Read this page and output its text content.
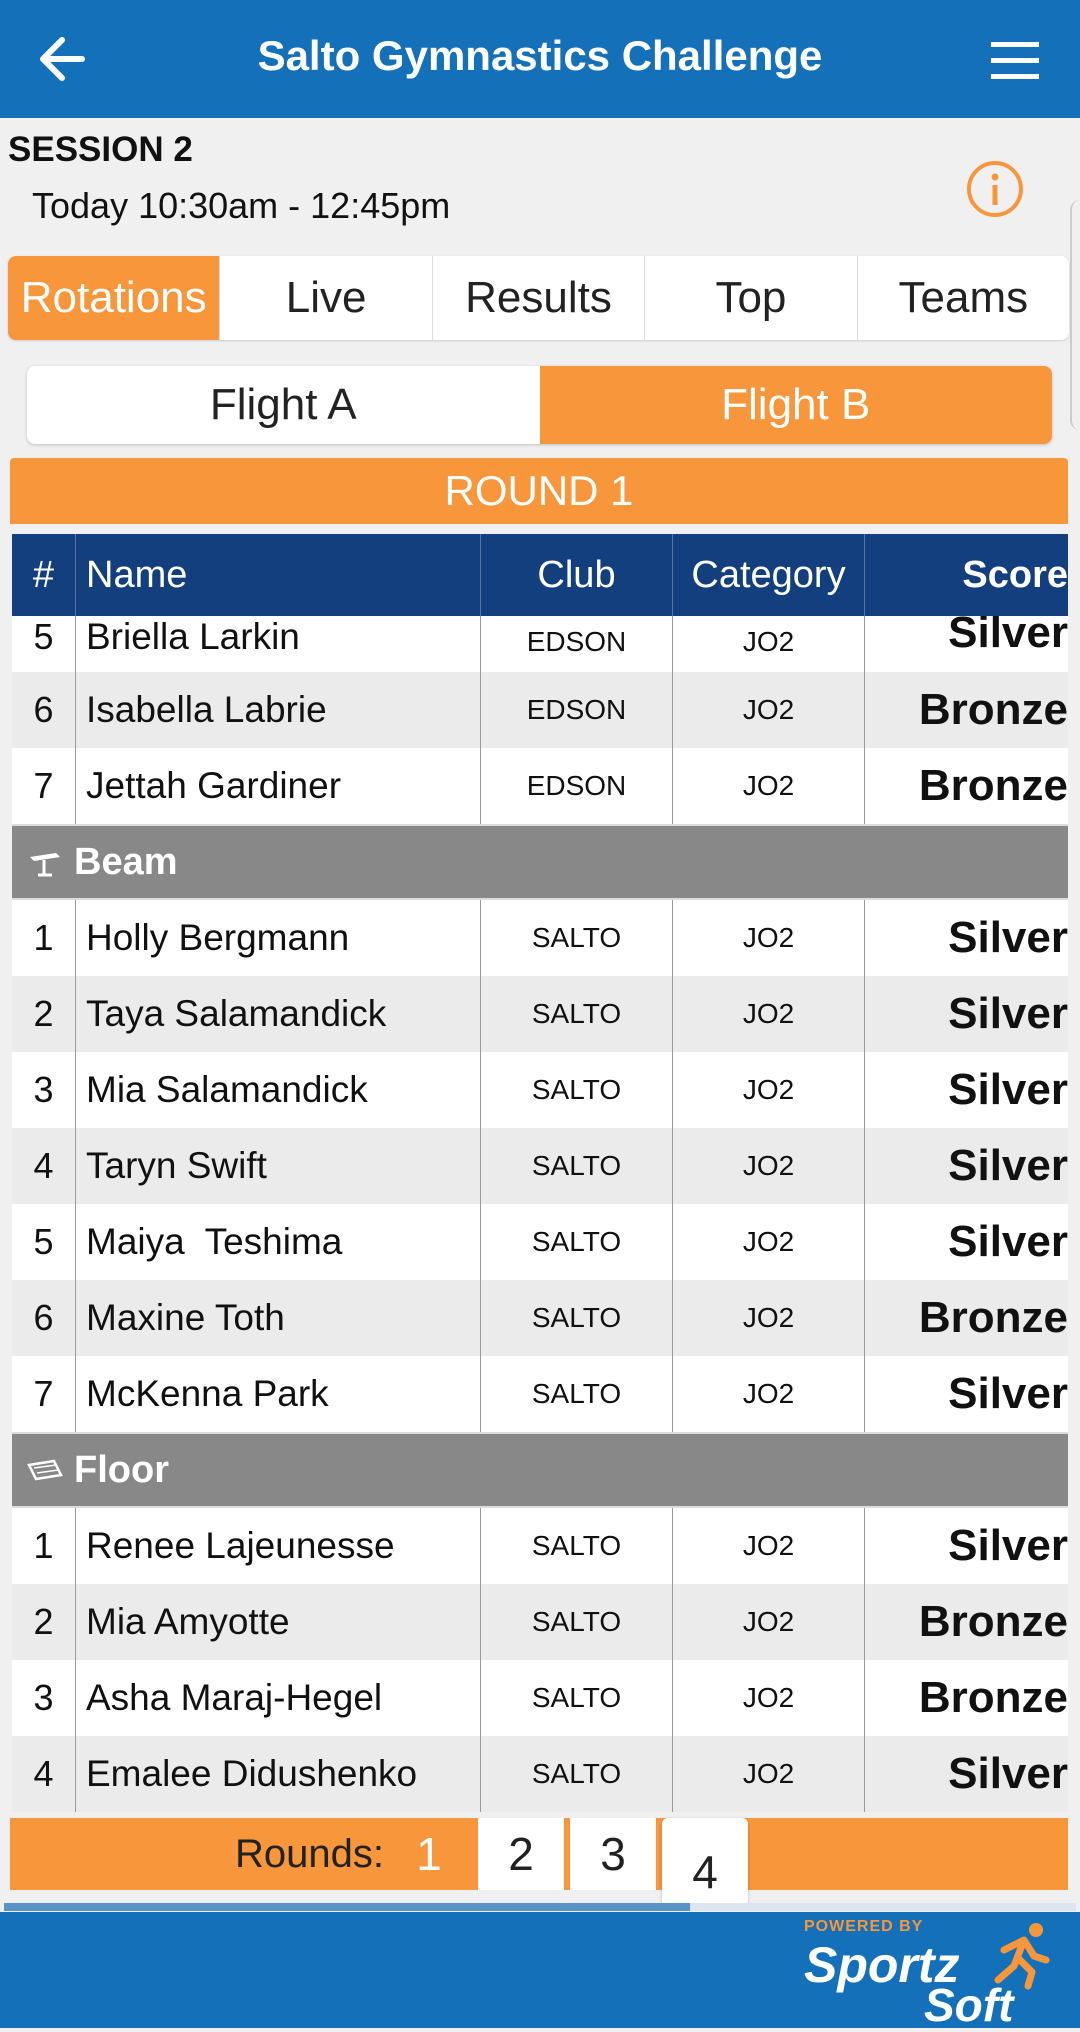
Salto Gymnastics Challenge
SESSION 2
Today 10:30am - 12:45pm
Rotations	Live	Results	Top	Teams
Flight A	Flight B
ROUND 1
# Name	Club	Category	Score
5 Briella Larkin	EDSON	JO2	Silver
6 Isabella Labrie	EDSON	JO2	Bronze
7 Jettah Gardiner	EDSON	JO2	Bronze
Beam
1 Holly Bergmann	SALTO	JO2	Silver
2 Taya Salamandick	SALTO	JO2	Silver
3 Mia Salamandick	SALTO	JO2	Silver
4 Taryn Swift	SALTO	JO2	Silver
5 Maiya  Teshima	SALTO	JO2	Silver
6 Maxine Toth	SALTO	JO2	Bronze
7 McKenna Park	SALTO	JO2	Silver
Floor
1 Renee Lajeunesse	SALTO	JO2	Silver
2 Mia Amyotte	SALTO	JO2	Bronze
3 Asha Maraj-Hegel	SALTO	JO2	Bronze
4 Emalee Didushenko	SALTO	JO2	Silver
Rounds: 1	2	3	4
POWERED BY
Sportz
Soft
